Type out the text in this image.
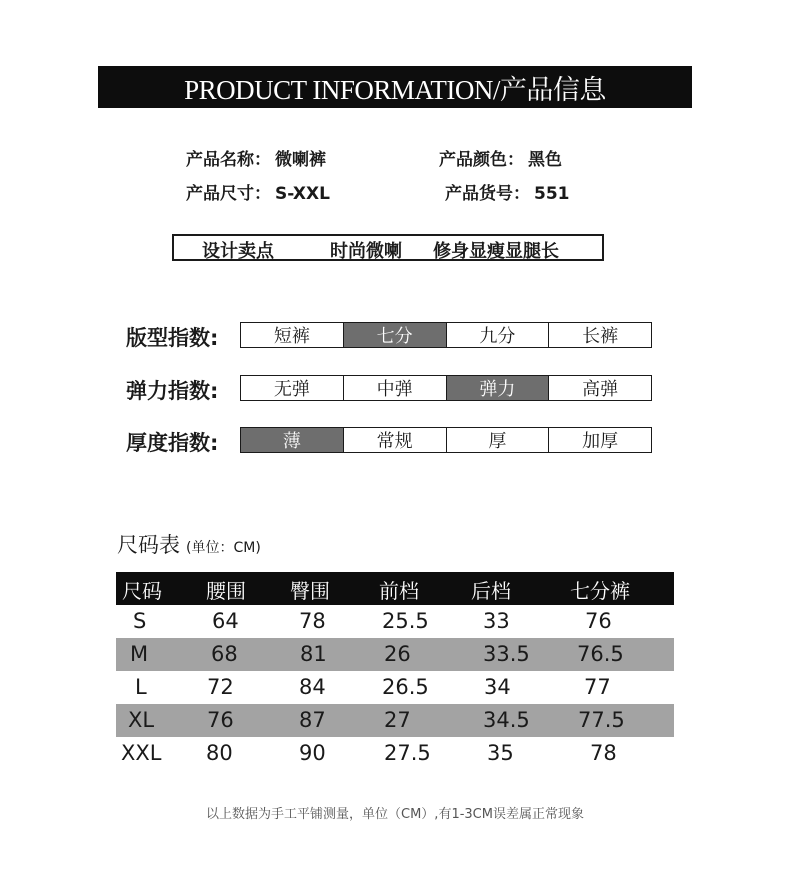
PRODUCT INFORMATION/产品信息
产品名称： 微喇裤	产品颜色： 黑色
产品尺寸： S-XXL	产品货号： 551
设计卖点	时尚微喇 修身显瘦显腿长
版型指数:	短裤	七分	九分	长裤
弹力指数:	无弹	中弹	弹力	高弹
厚度指数:	薄	常规	厚	加厚
尺码表 (单位：CM)
尺码 腰围 臀围 前档	后档	七分裤
S	64	78	25.5	33	76
M	68	81	26	33.5 76.5
L	72	84	26.5	34	77
XL	76	87	27	34.5 77.5
XXL 80	90	27.5	35	78
以上数据为手工平铺测量，单位（CM）,有1-3CM误差属正常现象
